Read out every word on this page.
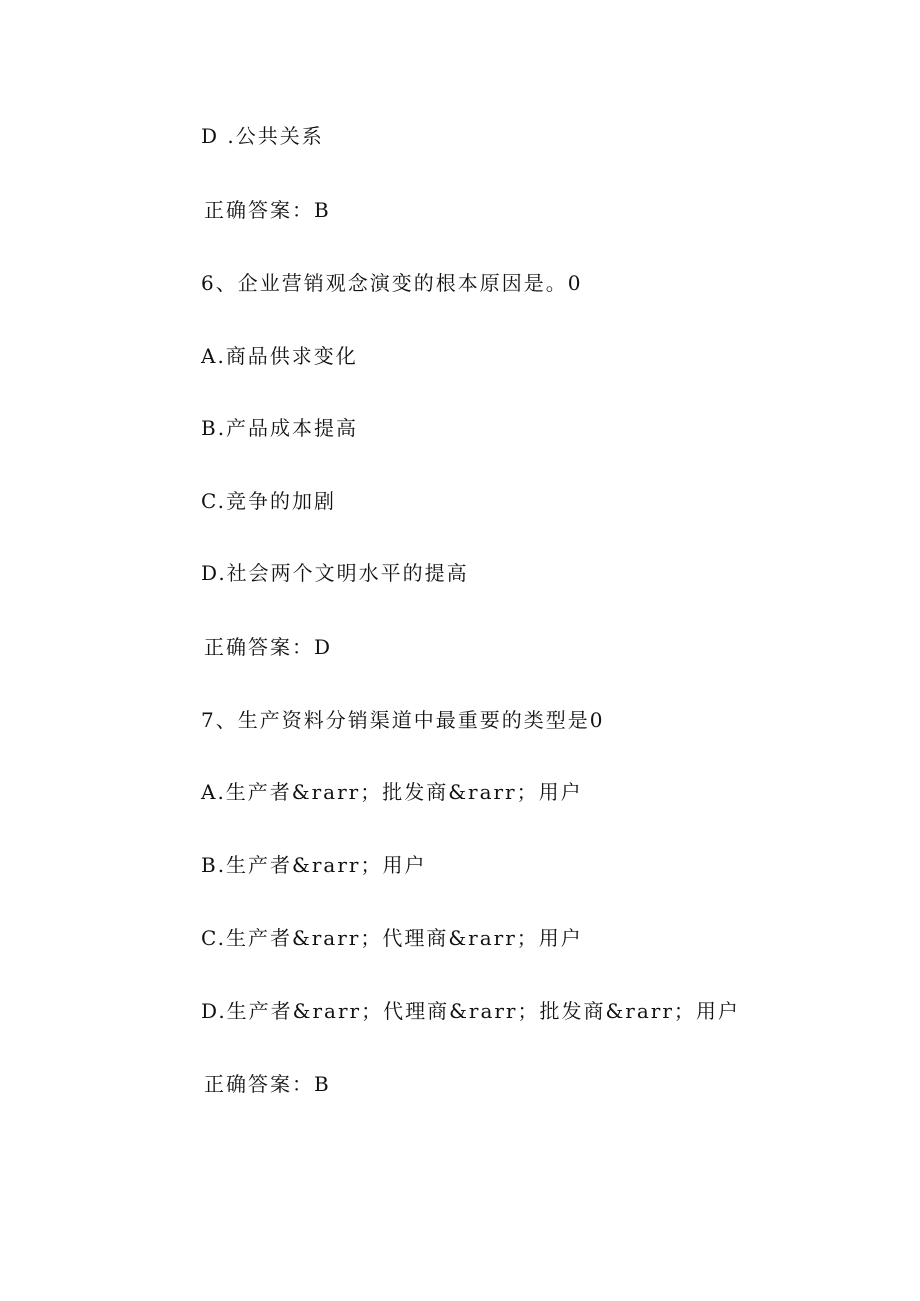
D .公共关系
正确答案：B
6、企业营销观念演变的根本原因是。0
A.商品供求变化
B.产品成本提高
C.竞争的加剧
D.社会两个文明水平的提高
正确答案：D
7、生产资料分销渠道中最重要的类型是0
A.生产者&rarr；批发商&rarr；用户
B.生产者&rarr；用户
C.生产者&rarr；代理商&rarr；用户
D.生产者&rarr；代理商&rarr；批发商&rarr；用户
正确答案：B
